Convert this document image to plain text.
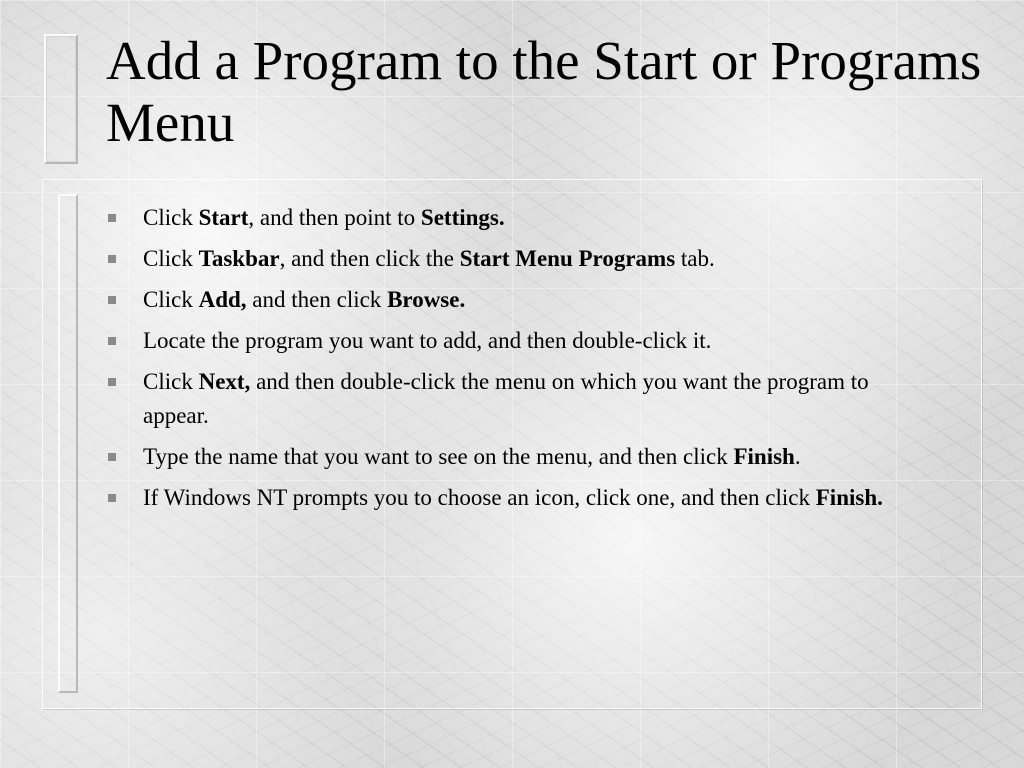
Add a Program to the Start or Programs Menu
Click Start, and then point to Settings.
Click Taskbar, and then click the Start Menu Programs tab.
Click Add, and then click Browse.
Locate the program you want to add, and then double-click it.
Click Next, and then double-click the menu on which you want the program to appear.
Type the name that you want to see on the menu, and then click Finish.
If Windows NT prompts you to choose an icon, click one, and then click Finish.
